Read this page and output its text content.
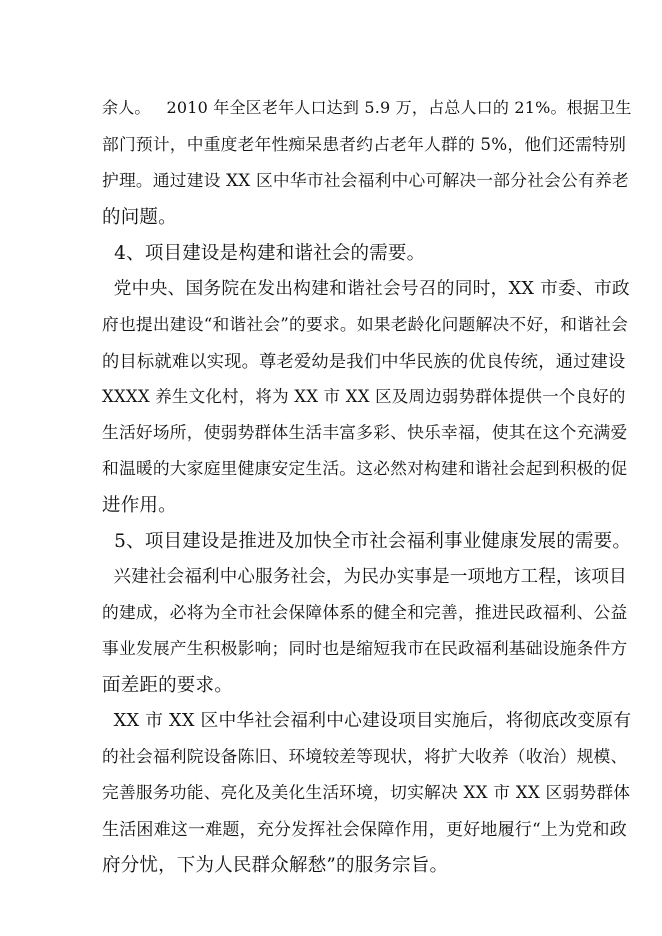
余人。   2010 年全区老年人口达到 5.9 万，占总人口的 21%。根据卫生
部门预计，中重度老年性痴呆患者约占老年人群的 5%，他们还需特别
护理。通过建设 XX 区中华市社会福利中心可解决一部分社会公有养老
的问题。
4、项目建设是构建和谐社会的需要。
党中央、国务院在发出构建和谐社会号召的同时，XX 市委、市政
府也提出建设“和谐社会”的要求。如果老龄化问题解决不好，和谐社会
的目标就难以实现。尊老爱幼是我们中华民族的优良传统，通过建设
XXXX 养生文化村，将为 XX 市 XX 区及周边弱势群体提供一个良好的
生活好场所，使弱势群体生活丰富多彩、快乐幸福，使其在这个充满爱
和温暖的大家庭里健康安定生活。这必然对构建和谐社会起到积极的促
进作用。
5、项目建设是推进及加快全市社会福利事业健康发展的需要。
兴建社会福利中心服务社会，为民办实事是一项地方工程，该项目
的建成，必将为全市社会保障体系的健全和完善，推进民政福利、公益
事业发展产生积极影响；同时也是缩短我市在民政福利基础设施条件方
面差距的要求。
XX 市 XX 区中华社会福利中心建设项目实施后，将彻底改变原有
的社会福利院设备陈旧、环境较差等现状，将扩大收养（收治）规模、
完善服务功能、亮化及美化生活环境，切实解决 XX 市 XX 区弱势群体
生活困难这一难题，充分发挥社会保障作用，更好地履行“上为党和政
府分忧，下为人民群众解愁”的服务宗旨。
